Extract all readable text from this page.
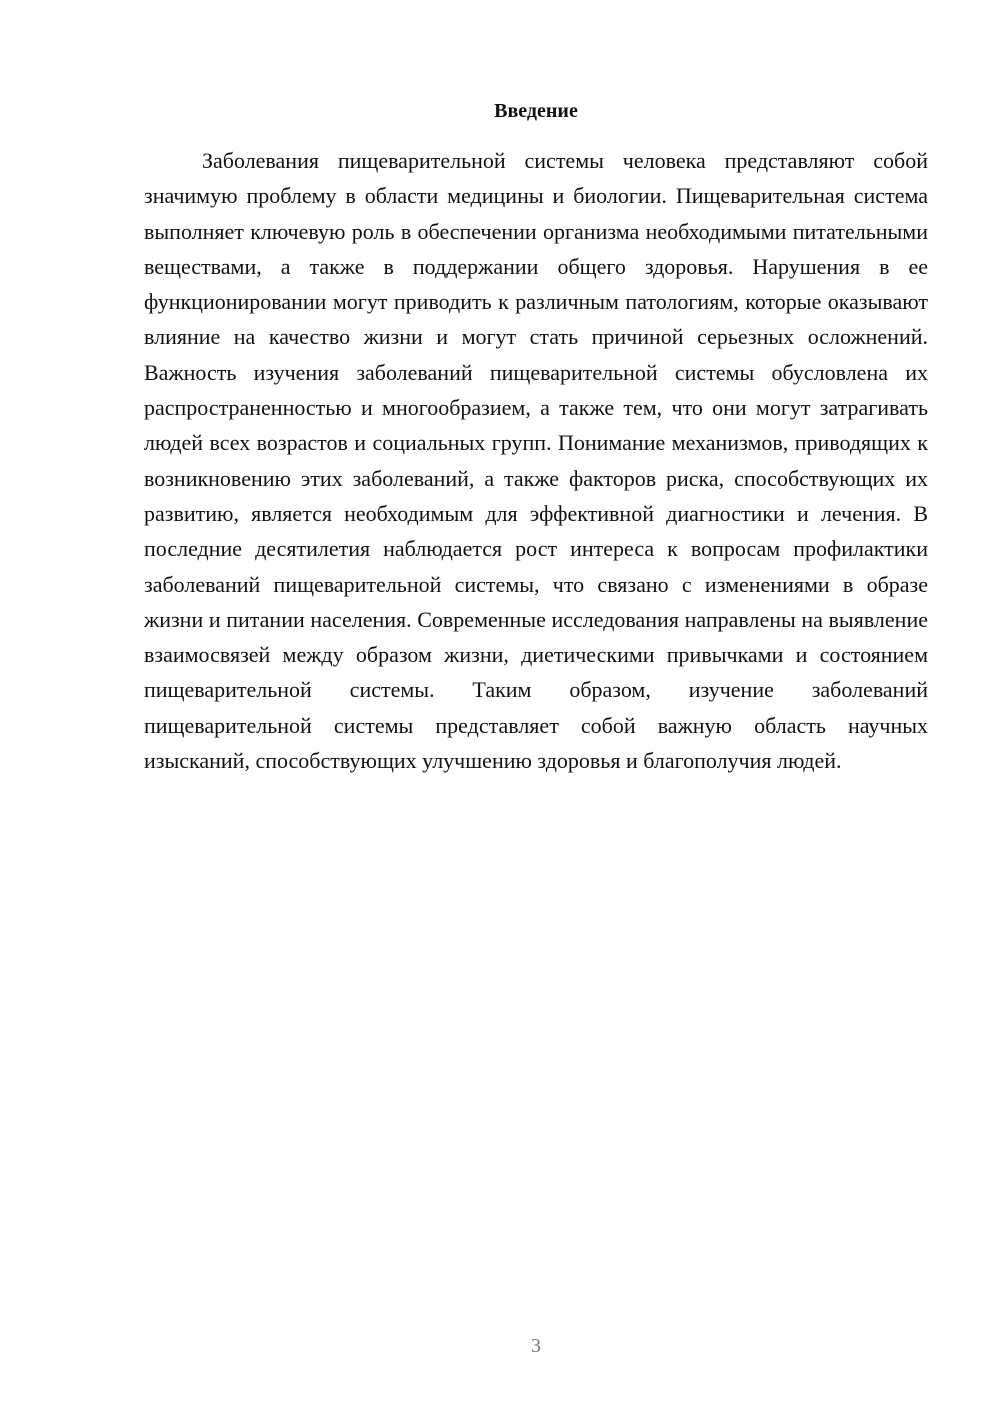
Введение

Заболевания пищеварительной системы человека представляют собой значимую проблему в области медицины и биологии. Пищеварительная система выполняет ключевую роль в обеспечении организма необходимыми питательными веществами, а также в поддержании общего здоровья. Нарушения в ее функционировании могут приводить к различным патологиям, которые оказывают влияние на качество жизни и могут стать причиной серьезных осложнений. Важность изучения заболеваний пищеварительной системы обусловлена их распространенностью и многообразием, а также тем, что они могут затрагивать людей всех возрастов и социальных групп. Понимание механизмов, приводящих к возникновению этих заболеваний, а также факторов риска, способствующих их развитию, является необходимым для эффективной диагностики и лечения. В последние десятилетия наблюдается рост интереса к вопросам профилактики заболеваний пищеварительной системы, что связано с изменениями в образе жизни и питании населения. Современные исследования направлены на выявление взаимосвязей между образом жизни, диетическими привычками и состоянием пищеварительной системы. Таким образом, изучение заболеваний пищеварительной системы представляет собой важную область научных изысканий, способствующих улучшению здоровья и благополучия людей.

3
